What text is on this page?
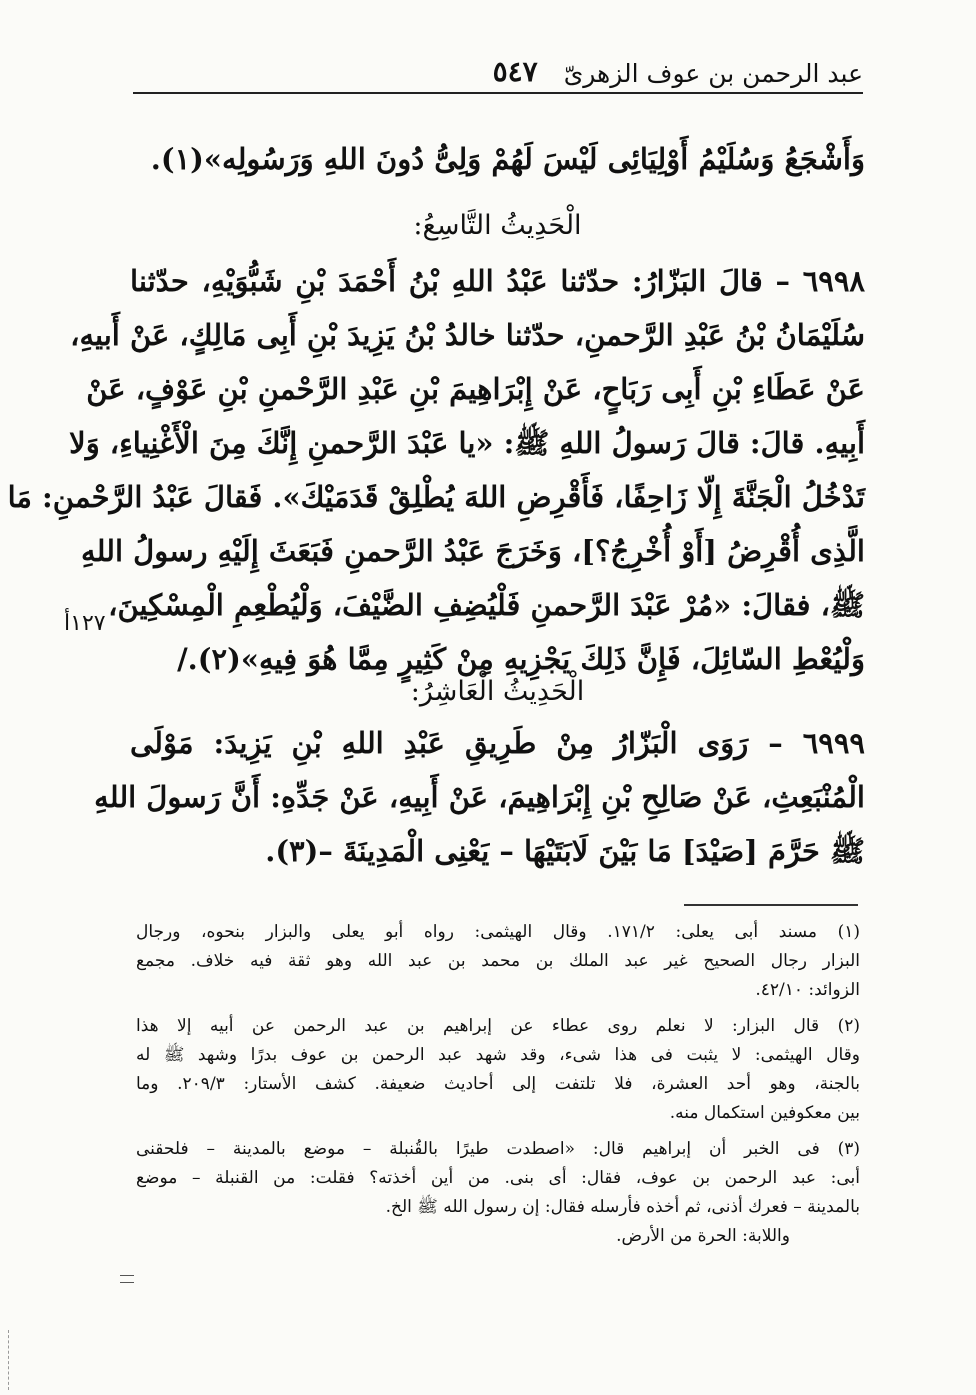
عبد الرحمن بن عوف الزهرىّ
٥٤٧
وَأَشْجَعُ وَسُلَيْمُ أَوْلِيَائِى لَيْسَ لَهُمْ وَلِىُّ دُونَ اللهِ وَرَسُولِه»(١).
الْحَدِيثُ التَّاسِعُ:
٦٩٩٨ – قالَ البَزّارُ: حدّثنا عَبْدُ اللهِ بْنُ أَحْمَدَ بْنِ شَبُّوَيْهِ، حدّثنا
سُلَيْمَانُ بْنُ عَبْدِ الرَّحمنِ، حدّثنا خالدُ بْنُ يَزِيدَ بْنِ أَبِى مَالِكٍ، عَنْ أَبيهِ،
عَنْ عَطَاءِ بْنِ أَبِى رَبَاحٍ، عَنْ إِبْرَاهِيمَ بْنِ عَبْدِ الرَّحْمنِ بْنِ عَوْفٍ، عَنْ
أَبِيهِ. قالَ: قالَ رَسولُ اللهِ ﷺ: «يا عَبْدَ الرَّحمنِ إِنَّكَ مِنَ الْأَغْنِياءِ، وَلا
تَدْخُلُ الْجَنَّةَ إِلّا زَاحِفًا، فَأَقْرِضِ اللهَ يُطْلِقْ قَدَمَيْكَ». فَقالَ عَبْدُ الرَّحْمنِ: مَا
الَّذِى أُقْرِضُ [أَوْ أُخْرِجُ؟]، وَخَرَجَ عَبْدُ الرَّحمنِ فَبَعَثَ إِلَيْهِ رسولُ اللهِ
ﷺ، فقالَ: «مُرْ عَبْدَ الرَّحمنِ فَلْيُضِفِ الضَّيْفَ، وَلْيُطْعِمِ الْمِسْكِينَ،
وَلْيُعْطِ السّائِلَ، فَإِنَّ ذَلِكَ يَجْزِيهِ مِنْ كَثِيرٍ مِمَّا هُوَ فِيهِ»(٢)./
١٢٧أ
الْحَدِيثُ الْعَاشِرُ:
٦٩٩٩ – رَوَى الْبَزّارُ مِنْ طَرِيقِ عَبْدِ اللهِ بْنِ يَزِيدَ: مَوْلَى
الْمُنْبَعِثِ، عَنْ صَالِحِ بْنِ إِبْرَاهِيمَ، عَنْ أَبِيهِ، عَنْ جَدِّهِ: أَنَّ رَسولَ اللهِ
ﷺ حَرَّمَ [صَيْدَ] مَا بَيْنَ لَابَتَيْهَا – يَعْنِى الْمَدِينَةَ –(٣).
(١) مسند أبى يعلى: ١٧١/٢. وقال الهيثمى: رواه أبو يعلى والبزار بنحوه، ورجال
البزار رجال الصحيح غير عبد الملك بن محمد بن عبد الله وهو ثقة فيه خلاف. مجمع
الزوائد: ٤٢/١٠.
(٢) قال البزار: لا نعلم روى عطاء عن إبراهيم بن عبد الرحمن عن أبيه إلا هذا
وقال الهيثمى: لا يثبت فى هذا شىء، وقد شهد عبد الرحمن بن عوف بدرًا وشهد ﷺ له
بالجنة، وهو أحد العشرة، فلا تلتفت إلى أحاديث ضعيفة. كشف الأستار: ٢٠٩/٣. وما
بين معكوفين استكمال منه.
(٣) فى الخبر أن إبراهيم قال: «اصطدت طيرًا بالقُنبلة – موضع بالمدينة – فلحقنى
أبى: عبد الرحمن بن عوف، فقال: أى بنى. من أين أخذته؟ فقلت: من القنبلة – موضع
بالمدينة – فعرك أذنى، ثم أخذه فأرسله فقال: إن رسول الله ﷺ الخ.
واللابة: الحرة من الأرض.
